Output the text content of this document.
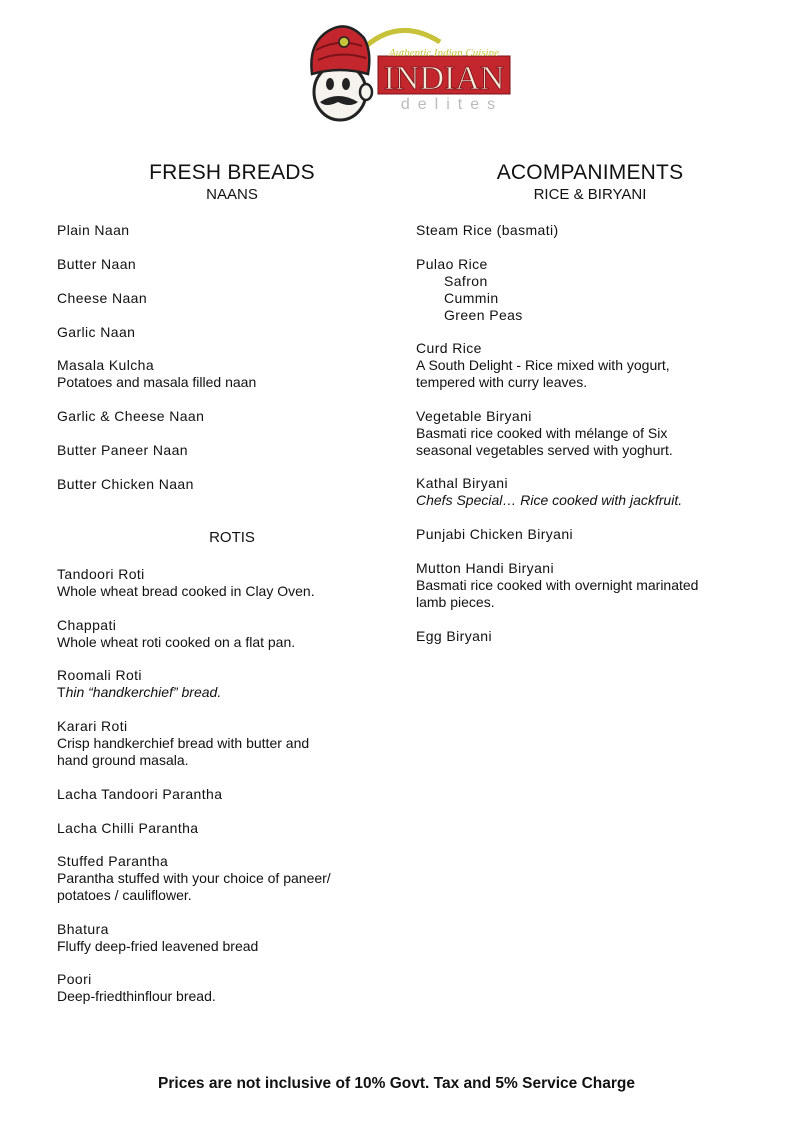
Authentic Indian Cuisine
INDIAN
delites
FRESH BREADS
NAANS
ACOMPANIMENTS
RICE & BIRYANI
Plain Naan
Butter Naan
Cheese Naan
Garlic Naan
Masala Kulcha
Potatoes and masala filled naan
Garlic & Cheese Naan
Butter Paneer Naan
Butter Chicken Naan
ROTIS
Tandoori Roti
Whole wheat bread cooked in Clay Oven.
Chappati
Whole wheat roti cooked on a flat pan.
Roomali Roti
Thin “handkerchief” bread.
Karari Roti
Crisp handkerchief bread with butter and
hand ground masala.
Lacha Tandoori Parantha
Lacha Chilli Parantha
Stuffed Parantha
Parantha stuffed with your choice of paneer/
potatoes / cauliflower.
Bhatura
Fluffy deep-fried leavened bread
Poori
Deep-friedthinflour bread.
Steam Rice (basmati)
Pulao Rice
Safron
Cummin
Green Peas
Curd Rice
A South Delight - Rice mixed with yogurt,
tempered with curry leaves.
Vegetable Biryani
Basmati rice cooked with mélange of Six
seasonal vegetables served with yoghurt.
Kathal Biryani
Chefs Special… Rice cooked with jackfruit.
Punjabi Chicken Biryani
Mutton Handi Biryani
Basmati rice cooked with overnight marinated
lamb pieces.
Egg Biryani
Prices are not inclusive of 10% Govt. Tax and 5% Service Charge
